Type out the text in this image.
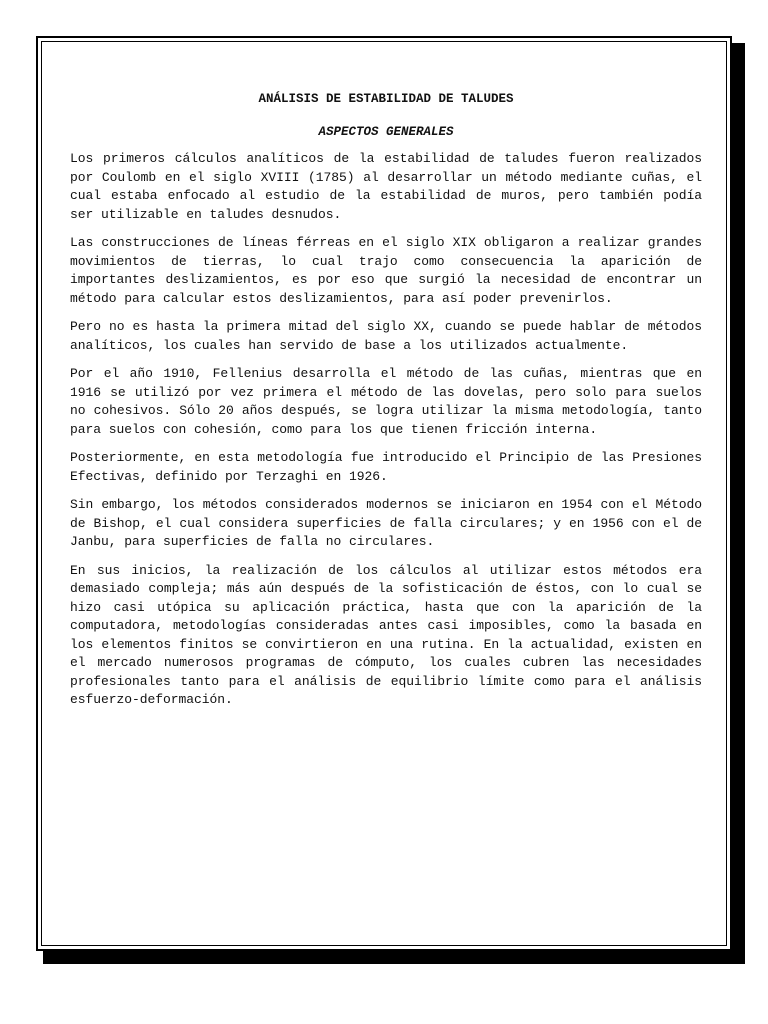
ANÁLISIS DE ESTABILIDAD DE TALUDES
ASPECTOS GENERALES

Los primeros cálculos analíticos de la estabilidad de taludes fueron realizados por Coulomb en el siglo XVIII (1785) al desarrollar un método mediante cuñas, el cual estaba enfocado al estudio de la estabilidad de muros, pero también podía ser utilizable en taludes desnudos.

Las construcciones de líneas férreas en el siglo XIX obligaron a realizar grandes movimientos de tierras, lo cual trajo como consecuencia la aparición de importantes deslizamientos, es por eso que surgió la necesidad de encontrar un método para calcular estos deslizamientos, para así poder prevenirlos.

Pero no es hasta la primera mitad del siglo XX, cuando se puede hablar de métodos analíticos, los cuales han servido de base a los utilizados actualmente.

Por el año 1910, Fellenius desarrolla el método de las cuñas, mientras que en 1916 se utilizó por vez primera el método de las dovelas, pero solo para suelos no cohesivos. Sólo 20 años después, se logra utilizar la misma metodología, tanto para suelos con cohesión, como para los que tienen fricción interna.

Posteriormente, en esta metodología fue introducido el Principio de las Presiones Efectivas, definido por Terzaghi en 1926.

Sin embargo, los métodos considerados modernos se iniciaron en 1954 con el Método de Bishop, el cual considera superficies de falla circulares; y en 1956 con el de Janbu, para superficies de falla no circulares.

En sus inicios, la realización de los cálculos al utilizar estos métodos era demasiado compleja; más aún después de la sofisticación de éstos, con lo cual se hizo casi utópica su aplicación práctica, hasta que con la aparición de la computadora, metodologías consideradas antes casi imposibles, como la basada en los elementos finitos se convirtieron en una rutina. En la actualidad, existen en el mercado numerosos programas de cómputo, los cuales cubren las necesidades profesionales tanto para el análisis de equilibrio límite como para el análisis esfuerzo-deformación.
